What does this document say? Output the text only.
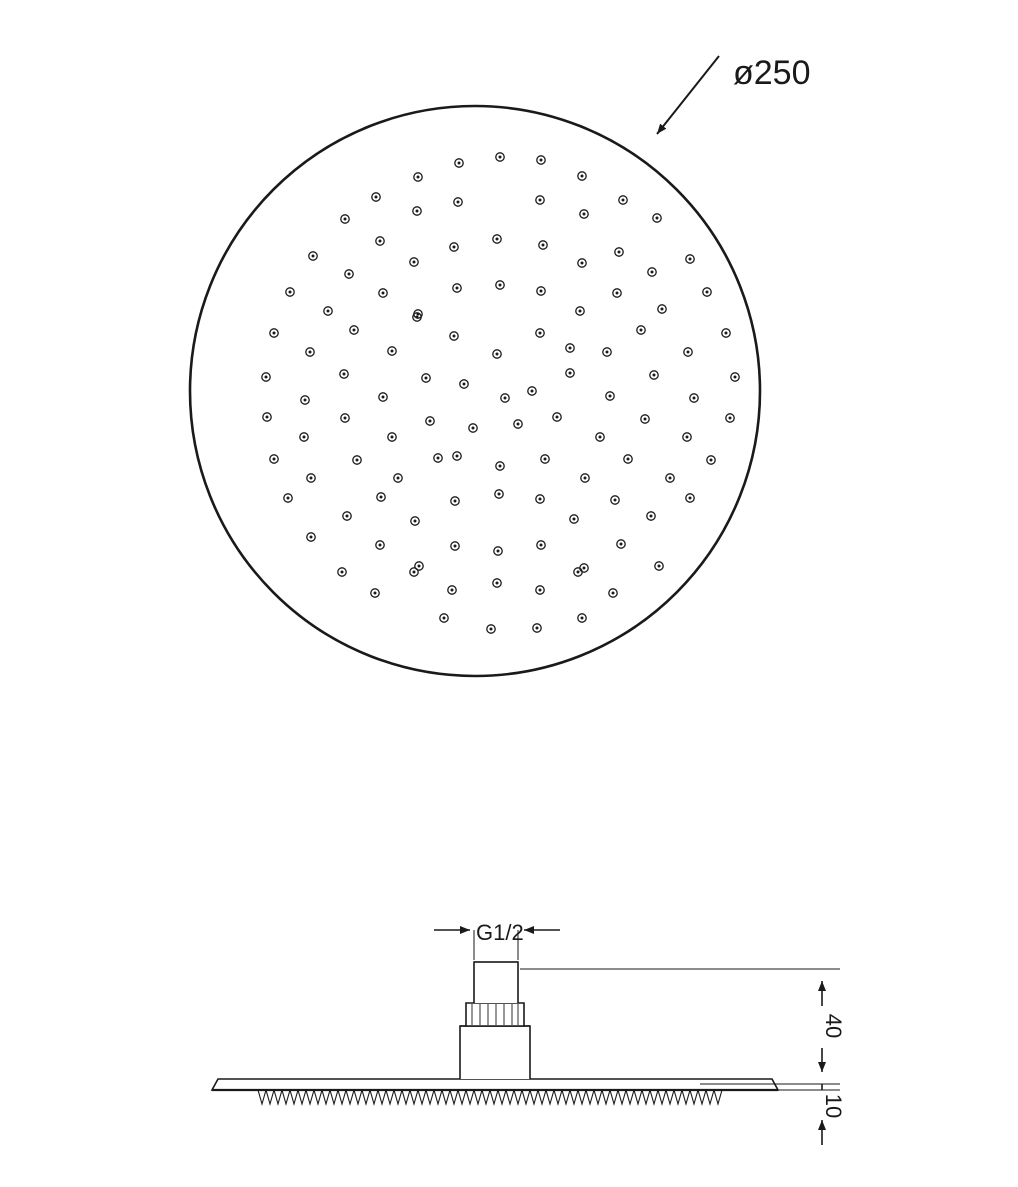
ø250
G1/2
40
10
